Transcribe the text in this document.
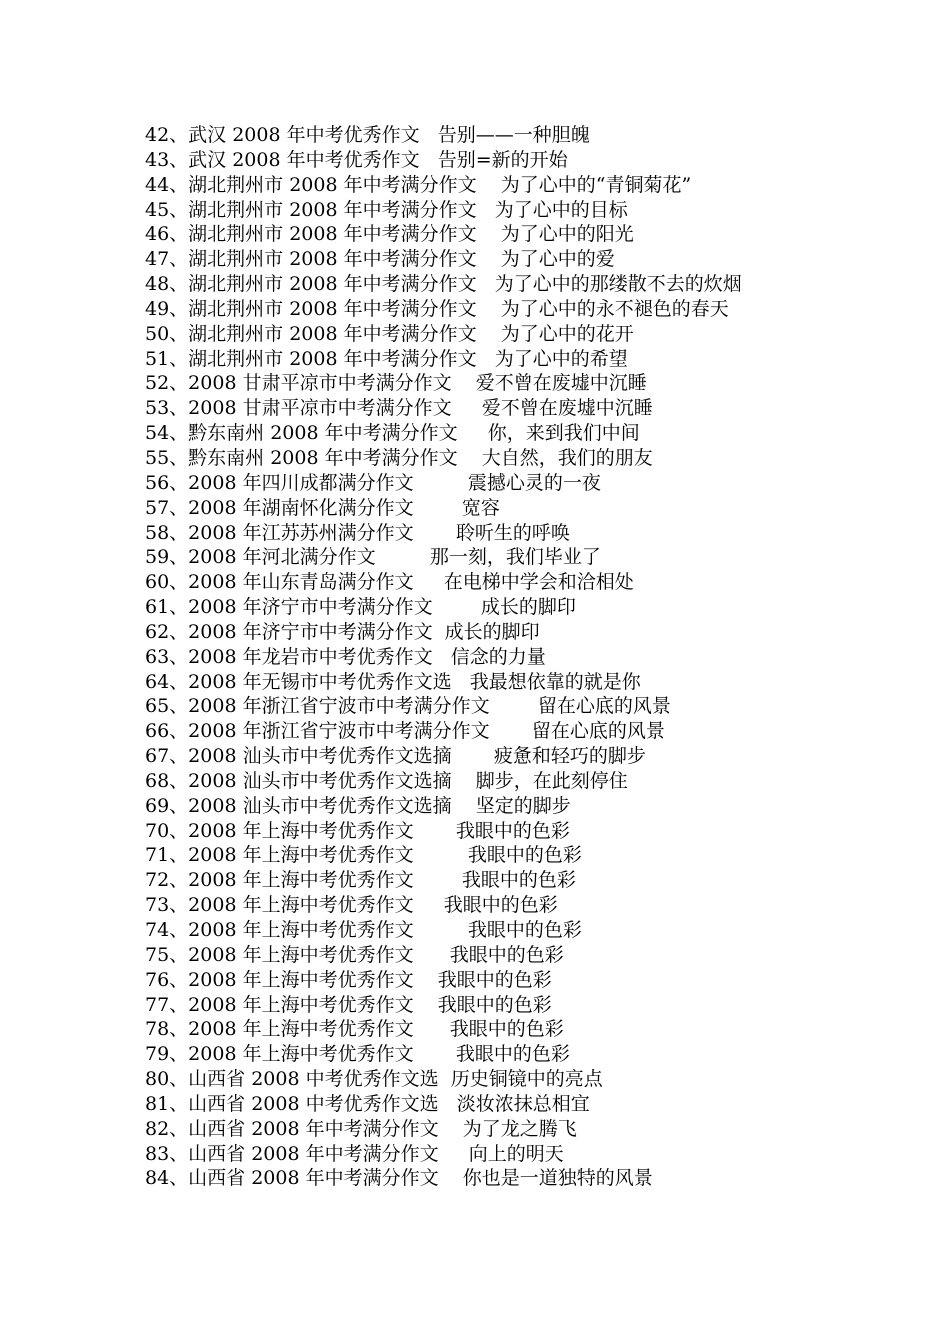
42、武汉 2008 年中考优秀作文   告别——一种胆魄
43、武汉 2008 年中考优秀作文   告别=新的开始
44、湖北荆州市 2008 年中考满分作文    为了心中的“青铜菊花”
45、湖北荆州市 2008 年中考满分作文   为了心中的目标
46、湖北荆州市 2008 年中考满分作文    为了心中的阳光
47、湖北荆州市 2008 年中考满分作文    为了心中的爱
48、湖北荆州市 2008 年中考满分作文   为了心中的那缕散不去的炊烟
49、湖北荆州市 2008 年中考满分作文    为了心中的永不褪色的春天
50、湖北荆州市 2008 年中考满分作文    为了心中的花开
51、湖北荆州市 2008 年中考满分作文   为了心中的希望
52、2008 甘肃平凉市中考满分作文    爱不曾在废墟中沉睡
53、2008 甘肃平凉市中考满分作文     爱不曾在废墟中沉睡
54、黔东南州 2008 年中考满分作文     你，来到我们中间
55、黔东南州 2008 年中考满分作文    大自然，我们的朋友
56、2008 年四川成都满分作文         震撼心灵的一夜
57、2008 年湖南怀化满分作文        宽容
58、2008 年江苏苏州满分作文       聆听生的呼唤
59、2008 年河北满分作文         那一刻，我们毕业了
60、2008 年山东青岛满分作文     在电梯中学会和洽相处
61、2008 年济宁市中考满分作文        成长的脚印
62、2008 年济宁市中考满分作文  成长的脚印
63、2008 年龙岩市中考优秀作文   信念的力量
64、2008 年无锡市中考优秀作文选   我最想依靠的就是你
65、2008 年浙江省宁波市中考满分作文        留在心底的风景
66、2008 年浙江省宁波市中考满分作文       留在心底的风景
67、2008 汕头市中考优秀作文选摘       疲惫和轻巧的脚步
68、2008 汕头市中考优秀作文选摘    脚步，在此刻停住
69、2008 汕头市中考优秀作文选摘    坚定的脚步
70、2008 年上海中考优秀作文       我眼中的色彩
71、2008 年上海中考优秀作文         我眼中的色彩
72、2008 年上海中考优秀作文        我眼中的色彩
73、2008 年上海中考优秀作文     我眼中的色彩
74、2008 年上海中考优秀作文         我眼中的色彩
75、2008 年上海中考优秀作文      我眼中的色彩
76、2008 年上海中考优秀作文    我眼中的色彩
77、2008 年上海中考优秀作文    我眼中的色彩
78、2008 年上海中考优秀作文      我眼中的色彩
79、2008 年上海中考优秀作文       我眼中的色彩
80、山西省 2008 中考优秀作文选  历史铜镜中的亮点
81、山西省 2008 中考优秀作文选   淡妆浓抹总相宜
82、山西省 2008 年中考满分作文    为了龙之腾飞
83、山西省 2008 年中考满分作文     向上的明天
84、山西省 2008 年中考满分作文    你也是一道独特的风景
